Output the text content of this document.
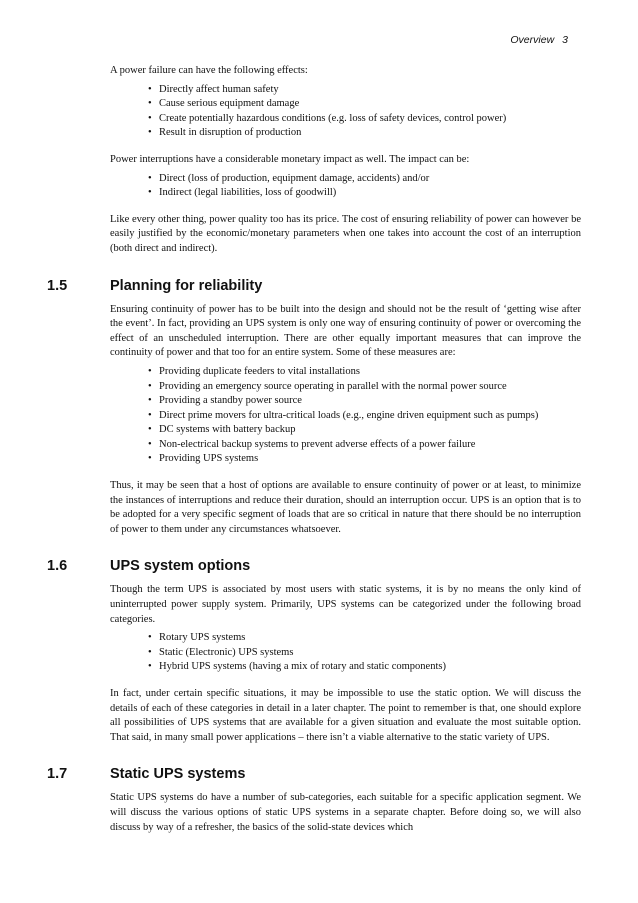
Overview 3

A power failure can have the following effects:

• Directly affect human safety
• Cause serious equipment damage
• Create potentially hazardous conditions (e.g. loss of safety devices, control power)
• Result in disruption of production

Power interruptions have a considerable monetary impact as well. The impact can be:

• Direct (loss of production, equipment damage, accidents) and/or
• Indirect (legal liabilities, loss of goodwill)

Like every other thing, power quality too has its price. The cost of ensuring reliability of power can however be easily justified by the economic/monetary parameters when one takes into account the cost of an interruption (both direct and indirect).

1.5	Planning for reliability

Ensuring continuity of power has to be built into the design and should not be the result of ‘getting wise after the event’. In fact, providing an UPS system is only one way of ensuring continuity of power or overcoming the effect of an unscheduled interruption. There are other equally important measures that can improve the continuity of power and that too for an entire system. Some of these measures are:

• Providing duplicate feeders to vital installations
• Providing an emergency source operating in parallel with the normal power source
• Providing a standby power source
• Direct prime movers for ultra-critical loads (e.g., engine driven equipment such as pumps)
• DC systems with battery backup
• Non-electrical backup systems to prevent adverse effects of a power failure
• Providing UPS systems

Thus, it may be seen that a host of options are available to ensure continuity of power or at least, to minimize the instances of interruptions and reduce their duration, should an interruption occur. UPS is an option that is to be adopted for a very specific segment of loads that are so critical in nature that there should be no interruption of power to them under any circumstances whatsoever.

1.6	UPS system options

Though the term UPS is associated by most users with static systems, it is by no means the only kind of uninterrupted power supply system. Primarily, UPS systems can be categorized under the following broad categories.

• Rotary UPS systems
• Static (Electronic) UPS systems
• Hybrid UPS systems (having a mix of rotary and static components)

In fact, under certain specific situations, it may be impossible to use the static option. We will discuss the details of each of these categories in detail in a later chapter. The point to remember is that, one should explore all possibilities of UPS systems that are available for a given situation and evaluate the most suitable option. That said, in many small power applications – there isn’t a viable alternative to the static variety of UPS.

1.7	Static UPS systems

Static UPS systems do have a number of sub-categories, each suitable for a specific application segment. We will discuss the various options of static UPS systems in a separate chapter. Before doing so, we will also discuss by way of a refresher, the basics of the solid-state devices which
